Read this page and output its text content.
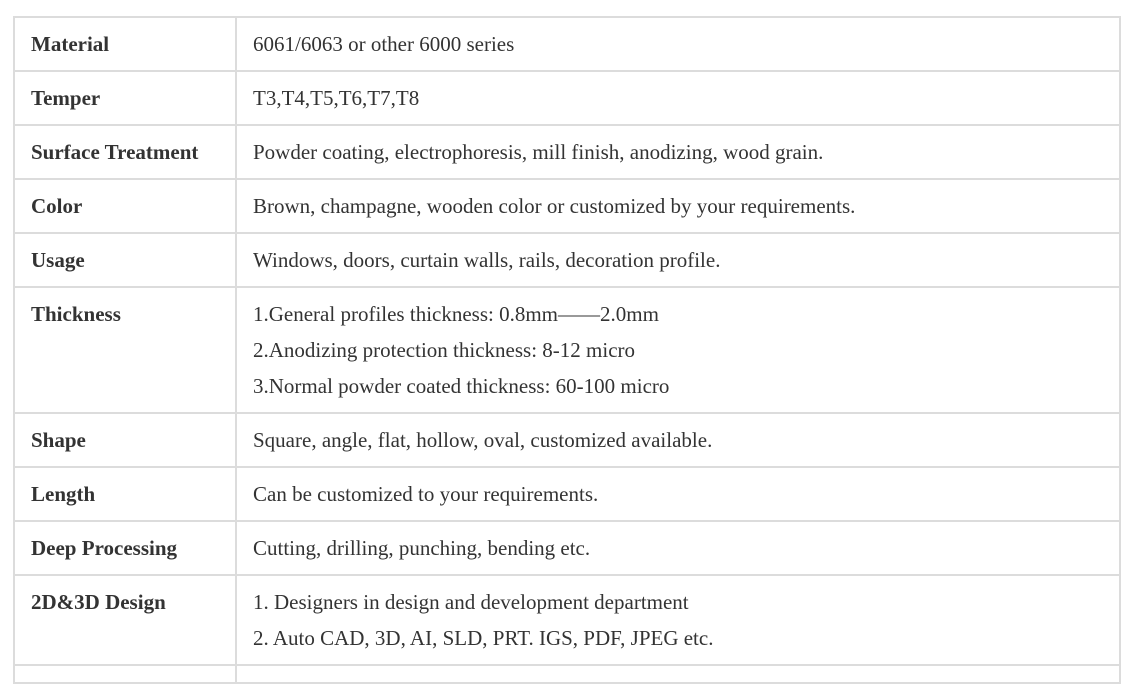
Material	6061/6063 or other 6000 series

Temper	T3,T4,T5,T6,T7,T8

Surface Treatment	Powder coating, electrophoresis, mill finish, anodizing, wood grain.

Color	Brown, champagne, wooden color or customized by your requirements.

Usage	Windows, doors, curtain walls, rails, decoration profile.

Thickness	1.General profiles thickness: 0.8mm——2.0mm
2.Anodizing protection thickness: 8-12 micro
3.Normal powder coated thickness: 60-100 micro

Shape	Square, angle, flat, hollow, oval, customized available.

Length	Can be customized to your requirements.

Deep Processing	Cutting, drilling, punching, bending etc.

2D&3D Design	1. Designers in design and development department
2. Auto CAD, 3D, AI, SLD, PRT. IGS, PDF, JPEG etc.
